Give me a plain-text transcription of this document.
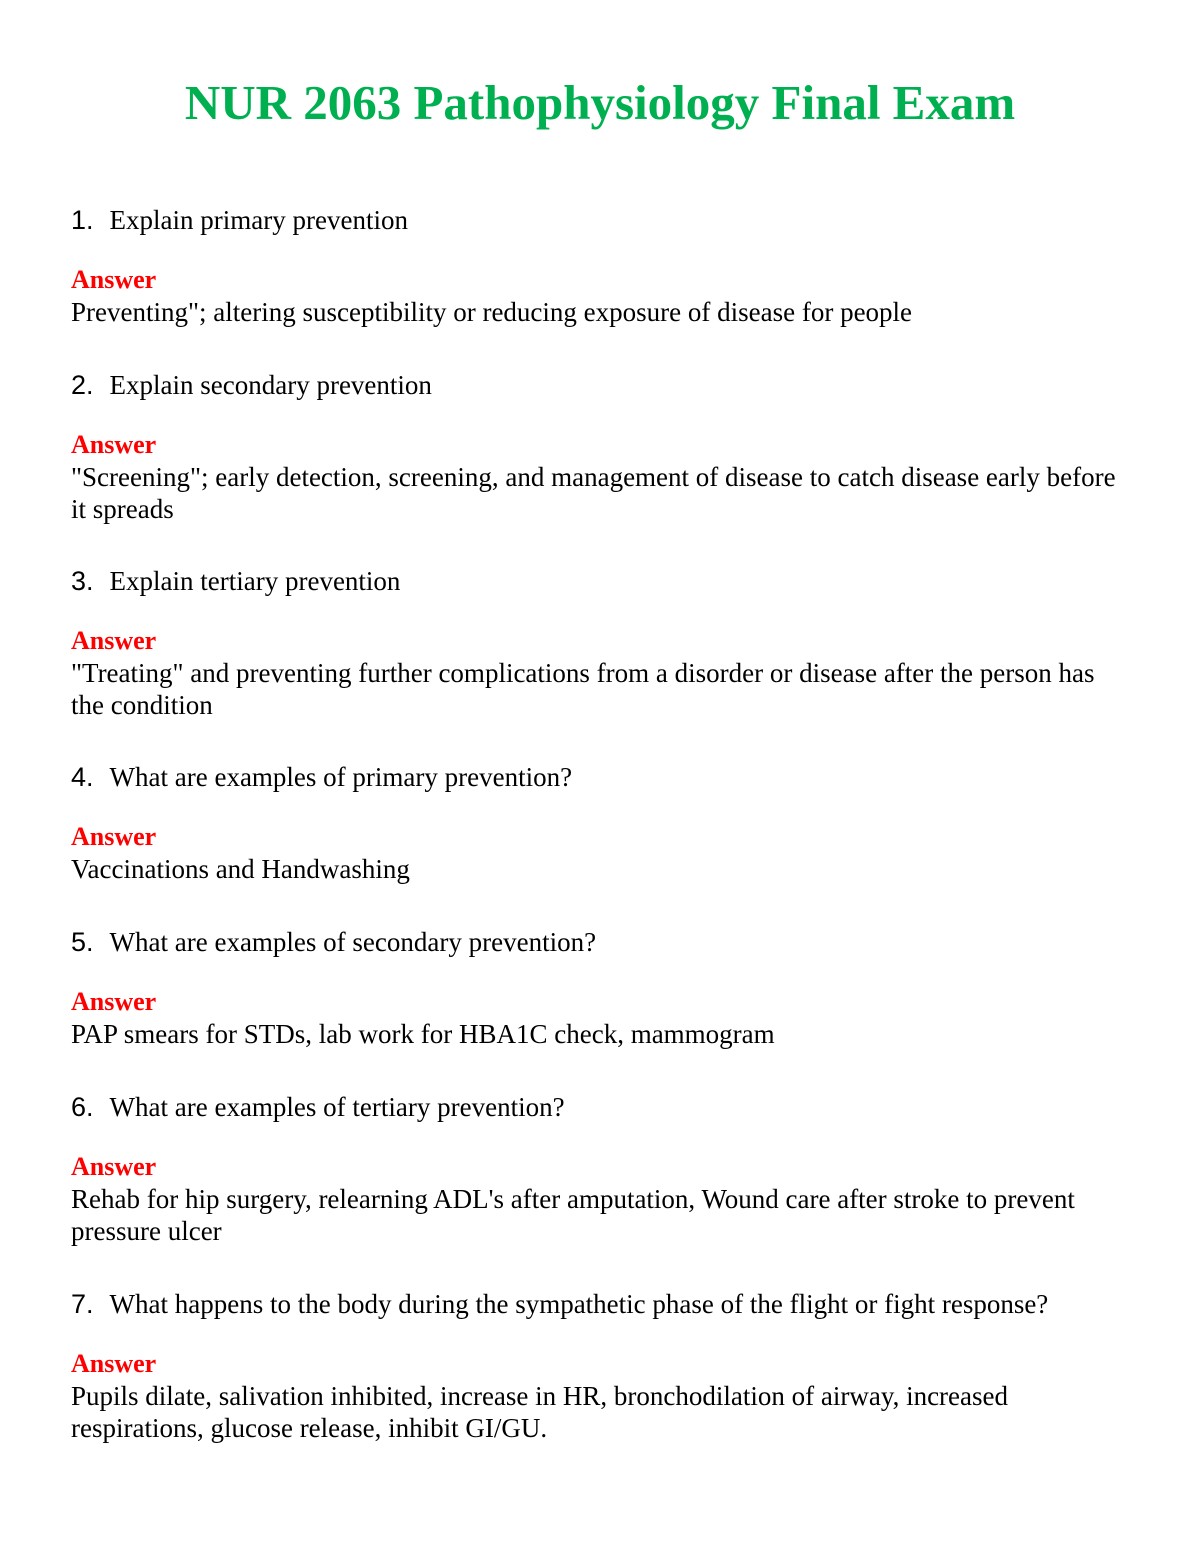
NUR 2063 Pathophysiology Final Exam
1. Explain primary prevention
Answer
Preventing"; altering susceptibility or reducing exposure of disease for people
2. Explain secondary prevention
Answer
"Screening"; early detection, screening, and management of disease to catch disease early before it spreads
3. Explain tertiary prevention
Answer
"Treating" and preventing further complications from a disorder or disease after the person has the condition
4. What are examples of primary prevention?
Answer
Vaccinations and Handwashing
5. What are examples of secondary prevention?
Answer
PAP smears for STDs, lab work for HBA1C check, mammogram
6. What are examples of tertiary prevention?
Answer
Rehab for hip surgery, relearning ADL's after amputation, Wound care after stroke to prevent pressure ulcer
7. What happens to the body during the sympathetic phase of the flight or fight response?
Answer
Pupils dilate, salivation inhibited, increase in HR, bronchodilation of airway, increased respirations, glucose release, inhibit GI/GU.
